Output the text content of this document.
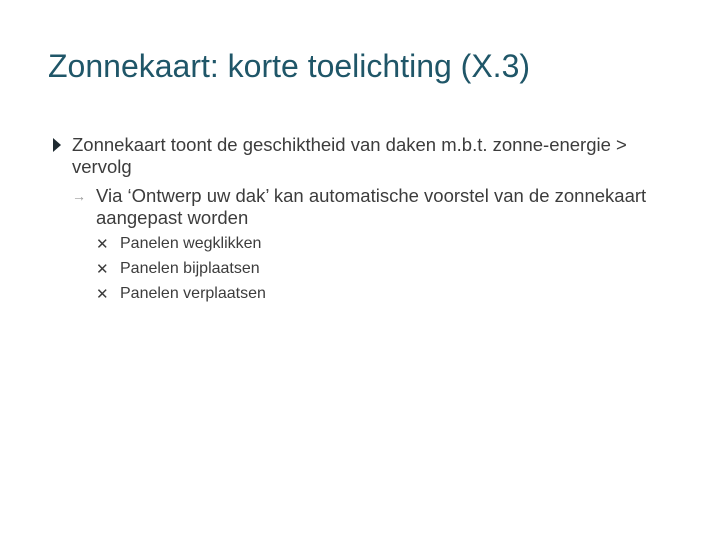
Zonnekaart: korte toelichting (X.3)
Zonnekaart toont de geschiktheid van daken m.b.t. zonne-energie > vervolg
→ Via ‘Ontwerp uw dak’ kan automatische voorstel van de zonnekaart aangepast worden
✕ Panelen wegklikken
✕ Panelen bijplaatsen
✕ Panelen verplaatsen
